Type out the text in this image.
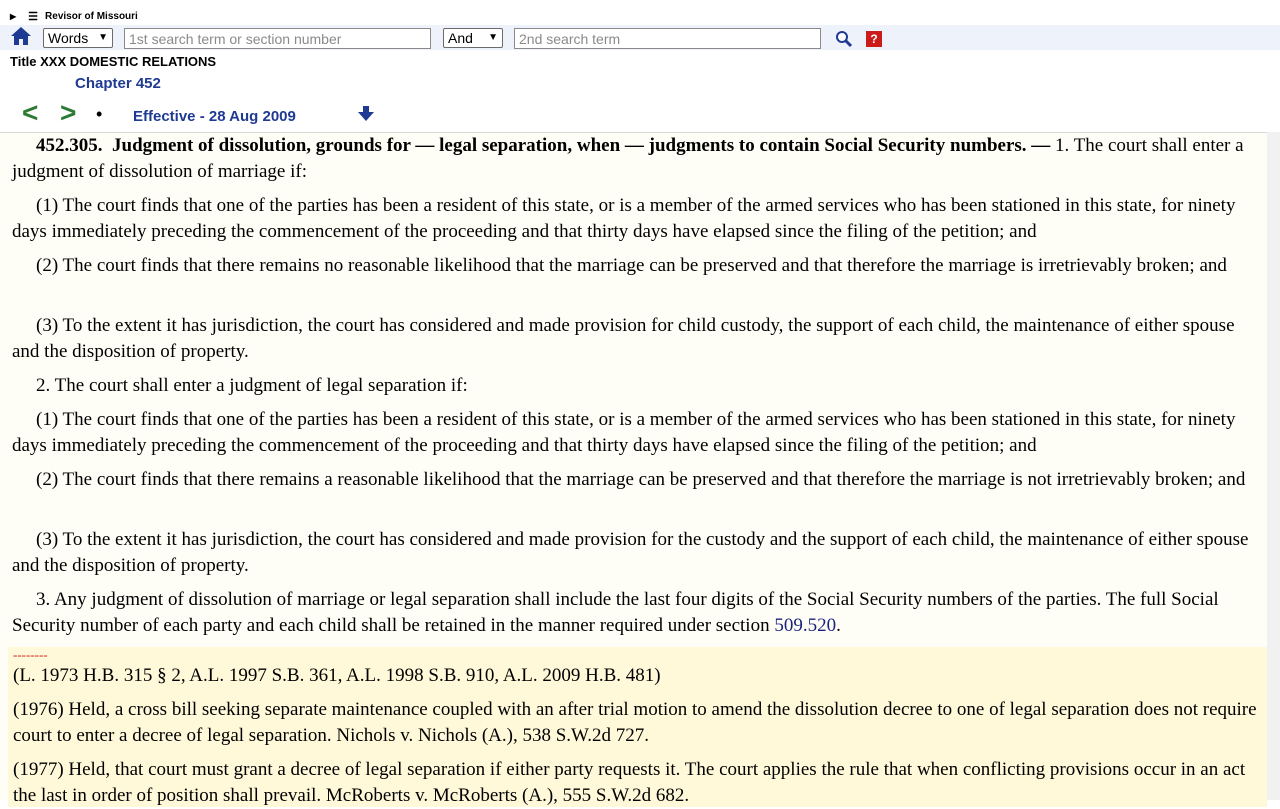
▶ ☰ Revisor of Missouri
Words ▼
1st search term or section number	And ▼
2nd search term	?
Title XXX DOMESTIC RELATIONS
Chapter 452
< > • Effective - 28 Aug 2009

452.305. Judgment of dissolution, grounds for — legal separation, when — judgments to contain Social Security numbers. — 1. The court shall enter a judgment of dissolution of marriage if:

(1) The court finds that one of the parties has been a resident of this state, or is a member of the armed services who has been stationed in this state, for ninety days immediately preceding the commencement of the proceeding and that thirty days have elapsed since the filing of the petition; and

(2) The court finds that there remains no reasonable likelihood that the marriage can be preserved and that therefore the marriage is irretrievably broken; and

(3) To the extent it has jurisdiction, the court has considered and made provision for child custody, the support of each child, the maintenance of either spouse and the disposition of property.

2. The court shall enter a judgment of legal separation if:

(1) The court finds that one of the parties has been a resident of this state, or is a member of the armed services who has been stationed in this state, for ninety days immediately preceding the commencement of the proceeding and that thirty days have elapsed since the filing of the petition; and

(2) The court finds that there remains a reasonable likelihood that the marriage can be preserved and that therefore the marriage is not irretrievably broken; and

(3) To the extent it has jurisdiction, the court has considered and made provision for the custody and the support of each child, the maintenance of either spouse and the disposition of property.

3. Any judgment of dissolution of marriage or legal separation shall include the last four digits of the Social Security numbers of the parties. The full Social Security number of each party and each child shall be retained in the manner required under section 509.520.

--------

(L. 1973 H.B. 315 § 2, A.L. 1997 S.B. 361, A.L. 1998 S.B. 910, A.L. 2009 H.B. 481)

(1976) Held, a cross bill seeking separate maintenance coupled with an after trial motion to amend the dissolution decree to one of legal separation does not require court to enter a decree of legal separation. Nichols v. Nichols (A.), 538 S.W.2d 727.

(1977) Held, that court must grant a decree of legal separation if either party requests it. The court applies the rule that when conflicting provisions occur in an act the last in order of position shall prevail. McRoberts v. McRoberts (A.), 555 S.W.2d 682.
